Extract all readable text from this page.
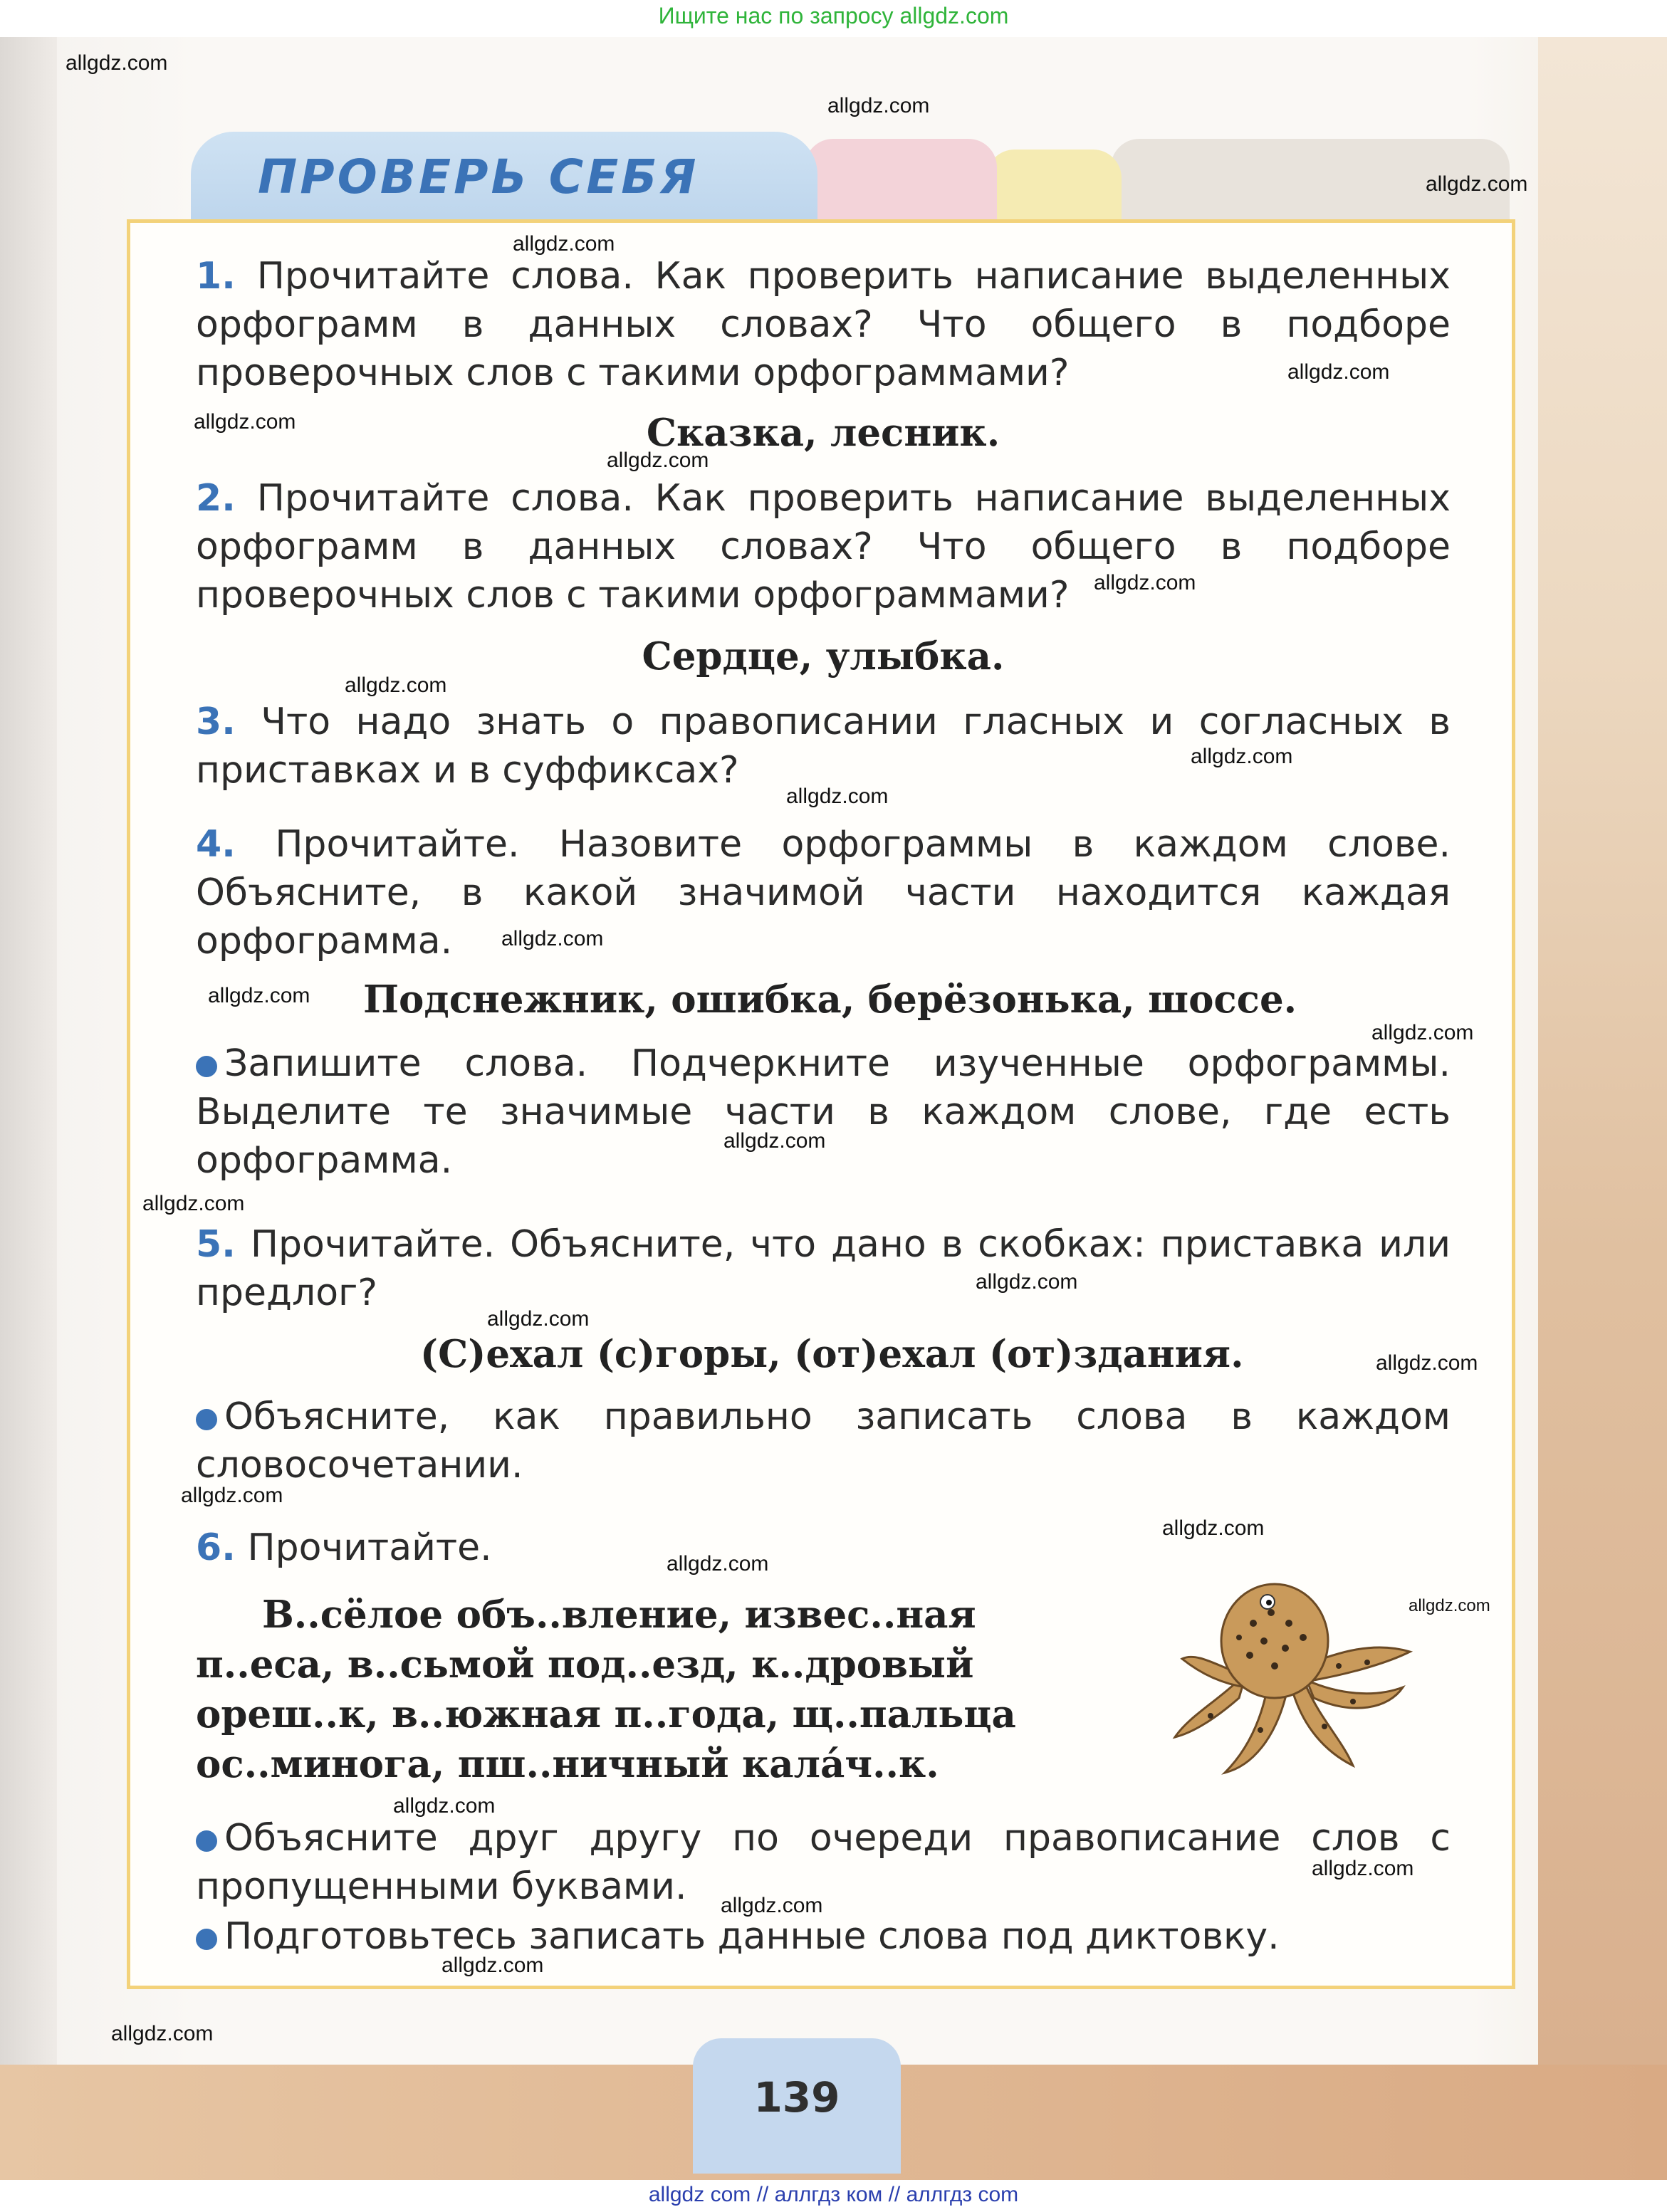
Ищите нас по запросу allgdz.com

ПРОВЕРЬ СЕБЯ

1. Прочитайте слова. Как проверить написание выделенных орфограмм в данных словах? Что общего в подборе проверочных слов с такими орфограммами?

Сказка, лесник.

2. Прочитайте слова. Как проверить написание выделенных орфограмм в данных словах? Что общего в подборе проверочных слов с такими орфограммами?

Сердце, улыбка.

3. Что надо знать о правописании гласных и согласных в приставках и в суффиксах?

4. Прочитайте. Назовите орфограммы в каждом слове. Объясните, в какой значимой части находится каждая орфограмма.

Подснежник, ошибка, берёзонька, шоссе.

Запишите слова. Подчеркните изученные орфограммы. Выделите те значимые части в каждом слове, где есть орфограмма.

5. Прочитайте. Объясните, что дано в скобках: приставка или предлог?

(С)ехал (с)горы, (от)ехал (от)здания.

Объясните, как правильно записать слова в каждом словосочетании.

6. Прочитайте.

В..сёлое объ..вление, извес..ная

п..еса, в..сьмой под..езд, к..дровый

ореш..к, в..южная п..года, щ..пальца

ос..минога, пш..ничный кала́ч..к.

Объясните друг другу по очереди правописание слов с пропущенными буквами.

Подготовьтесь записать данные слова под диктовку.

139

allgdz.com

allgdz.com

allgdz.com

allgdz.com

allgdz.com

allgdz.com

allgdz.com

allgdz.com

allgdz.com

allgdz.com

allgdz.com

allgdz.com

allgdz.com

allgdz.com

allgdz.com

allgdz.com

allgdz.com

allgdz.com

allgdz.com

allgdz.com

allgdz.com

allgdz.com

allgdz.com

allgdz.com

allgdz.com

allgdz.com

allgdz.com

allgdz.com

allgdz com // аллгдз ком // аллгдз com
